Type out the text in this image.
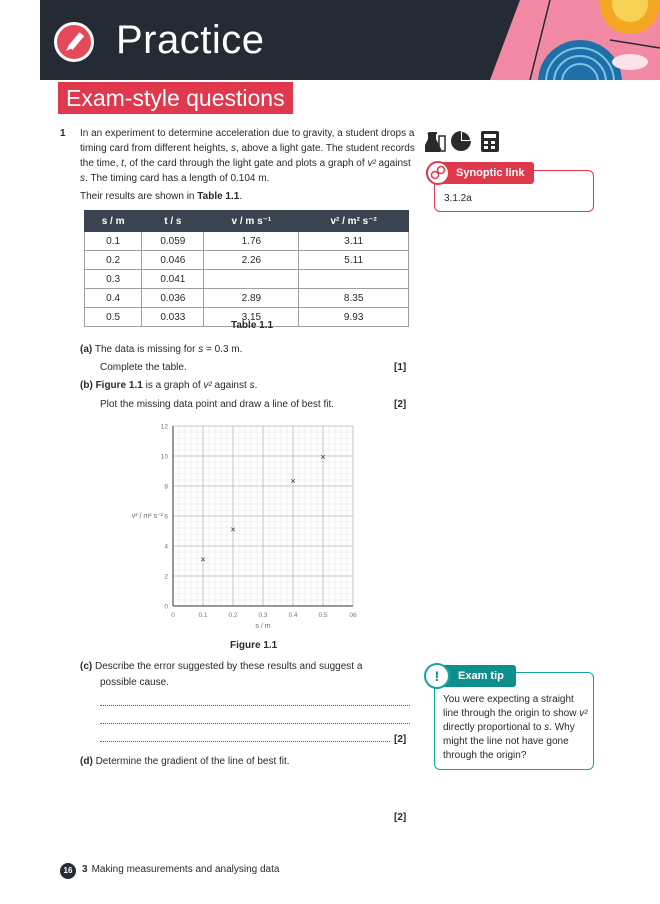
Practice
Exam-style questions
1 In an experiment to determine acceleration due to gravity, a student drops a timing card from different heights, s, above a light gate. The student records the time, t, of the card through the light gate and plots a graph of v² against s. The timing card has a length of 0.104 m.
Their results are shown in Table 1.1.
s / m	t / s	v / m s⁻¹	v² / m² s⁻²
0.1	0.059	1.76	3.11
0.2	0.046	2.26	5.11
0.3	0.041		
0.4	0.036	2.89	8.35
0.5	0.033	3.15	9.93
Table 1.1
(a) The data is missing for s = 0.3 m.
Complete the table.	[1]
(b) Figure 1.1 is a graph of v² against s.
Plot the missing data point and draw a line of best fit.	[2]
0	0.1	0.2	0.3	0.4	0.5	06
0
2
4
6
8
10
12
×
×
×
×
s / m
v² / m² s⁻²
Figure 1.1
(c) Describe the error suggested by these results and suggest a
possible cause.
[2]
(d) Determine the gradient of the line of best fit.
[2]
Synoptic link
3.1.2a
Exam tip
!
You were expecting a straight line through the origin to show v² directly proportional to s. Why might the line not have gone through the origin?
16 3 Making measurements and analysing data
